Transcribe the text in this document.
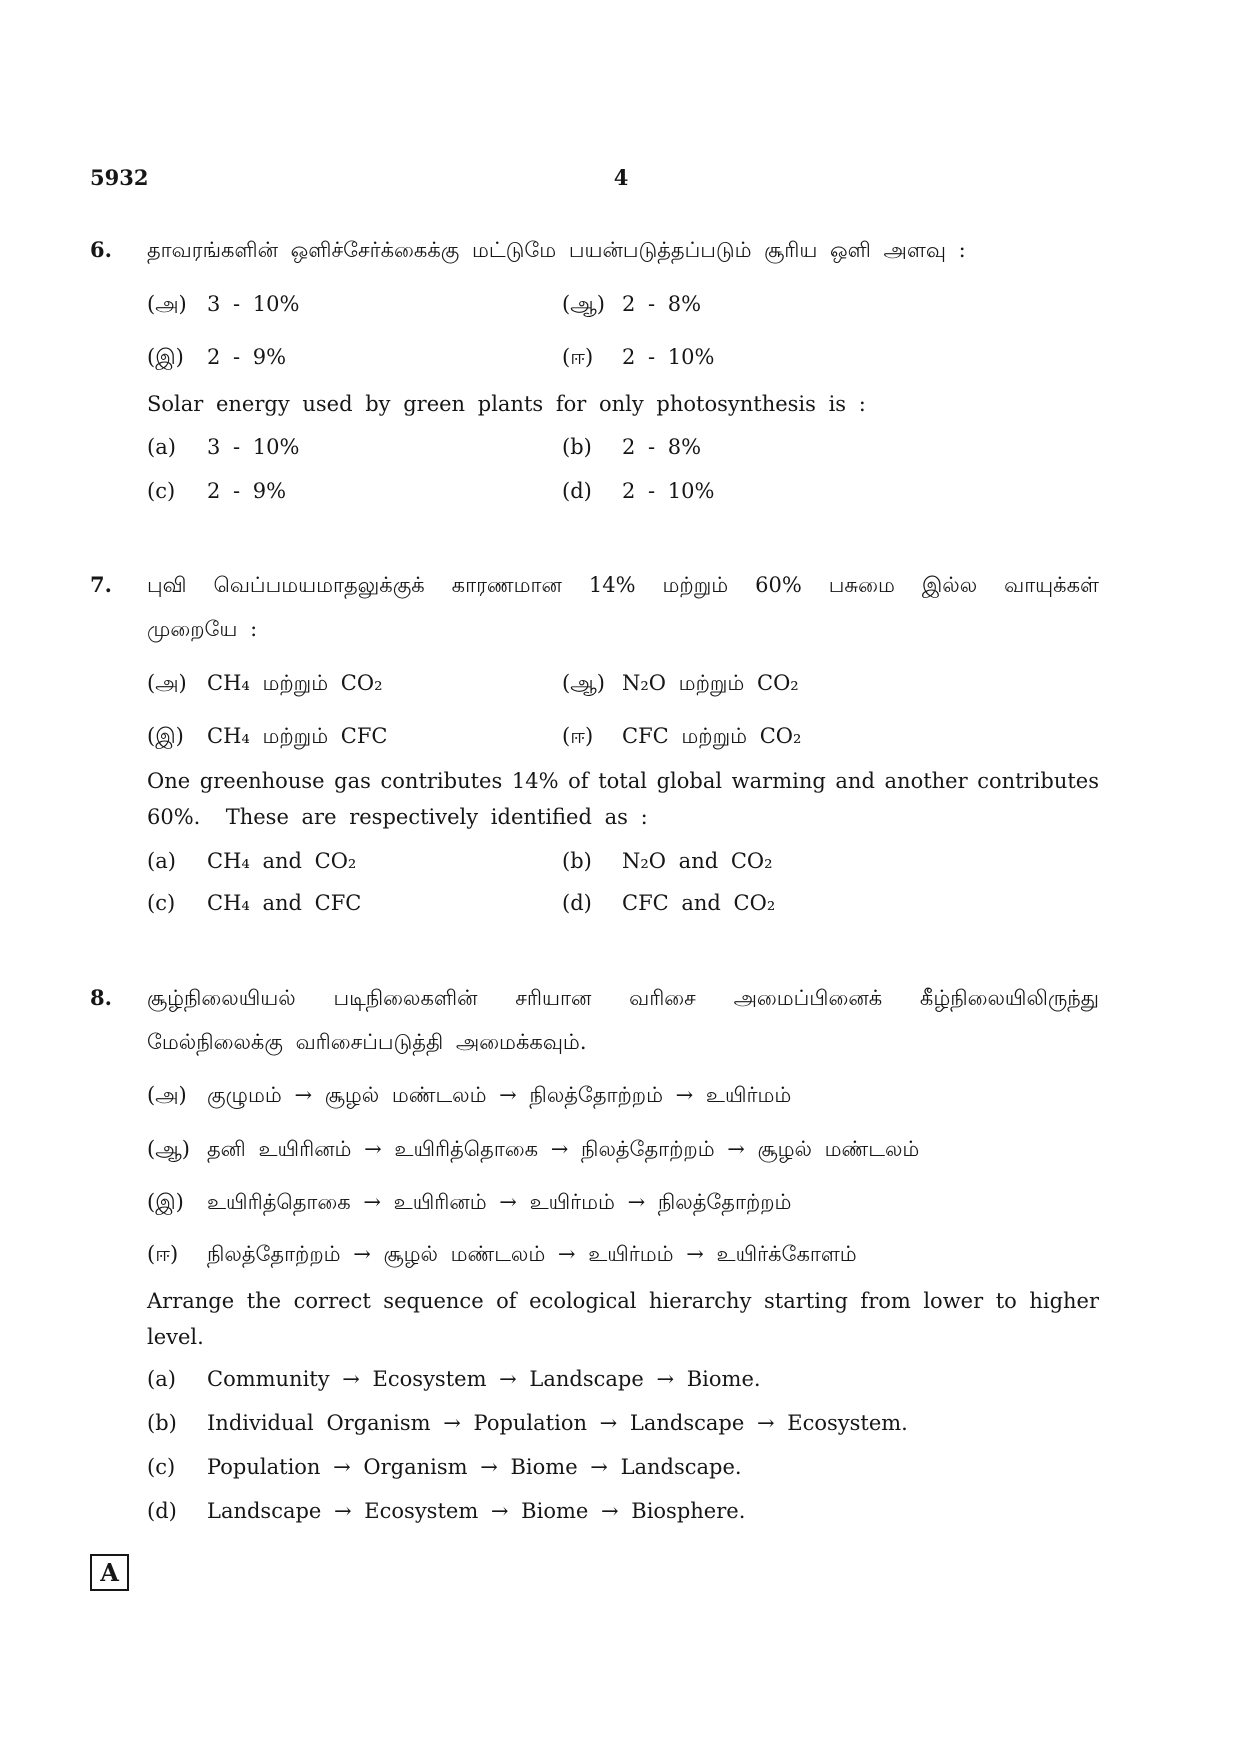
5932	4
6. தாவரங்களின் ஒளிச்சேர்க்கைக்கு மட்டுமே பயன்படுத்தப்படும் சூரிய ஒளி அளவு :
(அ) 3 - 10%	(ஆ) 2 - 8%
(இ) 2 - 9%	(ஈ) 2 - 10%
Solar energy used by green plants for only photosynthesis is :
(a) 3 - 10%	(b) 2 - 8%
(c) 2 - 9%	(d) 2 - 10%
7. புவி வெப்பமயமாதலுக்குக் காரணமான 14% மற்றும் 60% பசுமை இல்ல வாயுக்கள்
முறையே :
(அ) CH₄ மற்றும் CO₂	(ஆ) N₂O மற்றும் CO₂
(இ) CH₄ மற்றும் CFC	(ஈ) CFC மற்றும் CO₂
One greenhouse gas contributes 14% of total global warming and another contributes
60%.  These are respectively identified as :
(a) CH₄ and CO₂	(b) N₂O and CO₂
(c) CH₄ and CFC	(d) CFC and CO₂
8. சூழ்நிலையியல் படிநிலைகளின் சரியான வரிசை அமைப்பினைக் கீழ்நிலையிலிருந்து
மேல்நிலைக்கு வரிசைப்படுத்தி அமைக்கவும்.
(அ) குழுமம் → சூழல் மண்டலம் → நிலத்தோற்றம் → உயிர்மம்
(ஆ) தனி உயிரினம் → உயிரித்தொகை → நிலத்தோற்றம் → சூழல் மண்டலம்
(இ) உயிரித்தொகை → உயிரினம் → உயிர்மம் → நிலத்தோற்றம்
(ஈ) நிலத்தோற்றம் → சூழல் மண்டலம் → உயிர்மம் → உயிர்க்கோளம்
Arrange the correct sequence of ecological hierarchy starting from lower to higher
level.
(a) Community → Ecosystem → Landscape → Biome.
(b) Individual Organism → Population → Landscape → Ecosystem.
(c) Population → Organism → Biome → Landscape.
(d) Landscape → Ecosystem → Biome → Biosphere.
A
